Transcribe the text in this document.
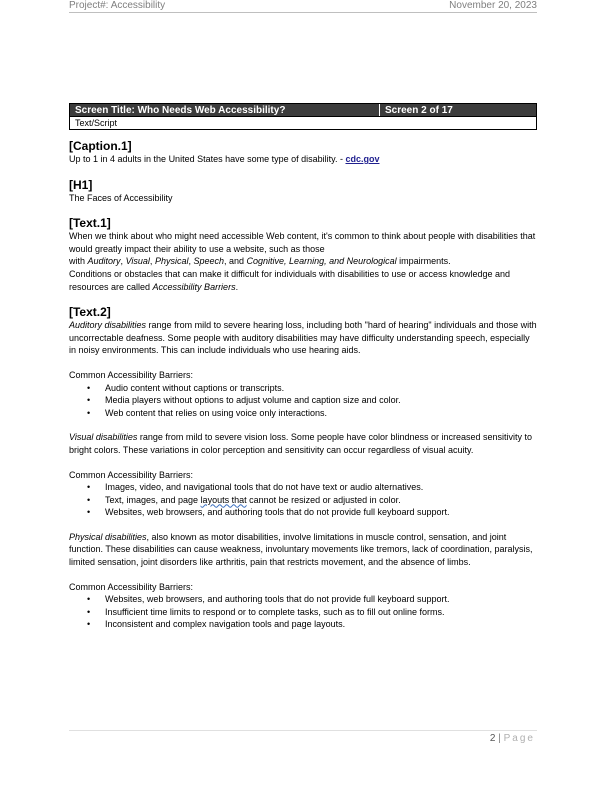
Project#: Accessibility	November 20, 2023
Screen Title: Who Needs Web Accessibility?	Screen 2 of 17
Text/Script

[Caption.1]

Up to 1 in 4 adults in the United States have some type of disability. - cdc.gov

[H1]

The Faces of Accessibility

[Text.1]

When we think about who might need accessible Web content, it's common to think about people with disabilities that would greatly impact their ability to use a website, such as those

with Auditory, Visual, Physical, Speech, and Cognitive, Learning, and Neurological impairments.

Conditions or obstacles that can make it difficult for individuals with disabilities to use or access knowledge and resources are called Accessibility Barriers.

[Text.2]

Auditory disabilities range from mild to severe hearing loss, including both "hard of hearing" individuals and those with uncorrectable deafness. Some people with auditory disabilities may have difficulty understanding speech, especially in noisy environments. This can include individuals who use hearing aids.

Common Accessibility Barriers:

• Audio content without captions or transcripts.
• Media players without options to adjust volume and caption size and color.
• Web content that relies on using voice only interactions.

Visual disabilities range from mild to severe vision loss. Some people have color blindness or increased sensitivity to bright colors. These variations in color perception and sensitivity can occur regardless of visual acuity.

Common Accessibility Barriers:

• Images, video, and navigational tools that do not have text or audio alternatives.
• Text, images, and page layouts that cannot be resized or adjusted in color.
• Websites, web browsers, and authoring tools that do not provide full keyboard support.

Physical disabilities, also known as motor disabilities, involve limitations in muscle control, sensation, and joint function. These disabilities can cause weakness, involuntary movements like tremors, lack of coordination, paralysis, limited sensation, joint disorders like arthritis, pain that restricts movement, and the absence of limbs.

Common Accessibility Barriers:

• Websites, web browsers, and authoring tools that do not provide full keyboard support.
• Insufficient time limits to respond or to complete tasks, such as to fill out online forms.
• Inconsistent and complex navigation tools and page layouts.
2 | Page
